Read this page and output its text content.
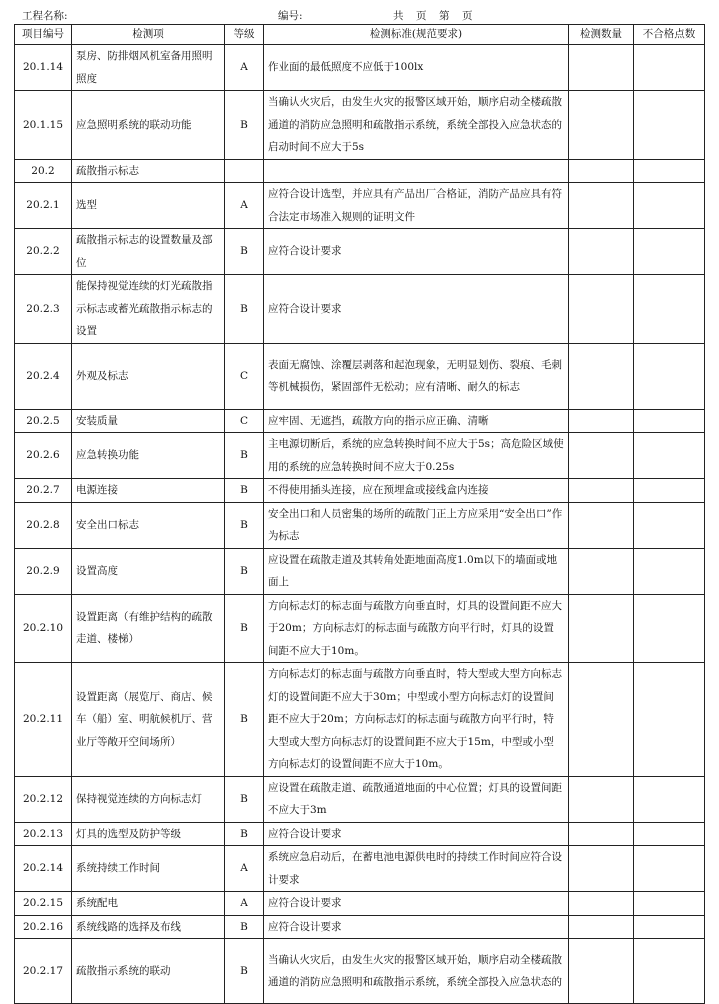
工程名称:	编号:	共　页　第　页
项目编号	检测项	等级	检测标准(规范要求)	检测数量	不合格点数
20.1.14	泵房、防排烟风机室备用照明照度	A	作业面的最低照度不应低于100lx		
20.1.15	应急照明系统的联动功能	B	当确认火灾后，由发生火灾的报警区域开始，顺序启动全楼疏散通道的消防应急照明和疏散指示系统，系统全部投入应急状态的启动时间不应大于5s		
20.2	疏散指示标志				
20.2.1	选型	A	应符合设计选型，并应具有产品出厂合格证，消防产品应具有符合法定市场准入规则的证明文件		
20.2.2	疏散指示标志的设置数量及部位	B	应符合设计要求		
20.2.3	能保持视觉连续的灯光疏散指示标志或蓄光疏散指示标志的设置	B	应符合设计要求		
20.2.4	外观及标志	C	表面无腐蚀、涂覆层剥落和起泡现象，无明显划伤、裂痕、毛刺等机械损伤，紧固部件无松动；应有清晰、耐久的标志		
20.2.5	安装质量	C	应牢固、无遮挡，疏散方向的指示应正确、清晰		
20.2.6	应急转换功能	B	主电源切断后，系统的应急转换时间不应大于5s；高危险区域使用的系统的应急转换时间不应大于0.25s		
20.2.7	电源连接	B	不得使用插头连接，应在预埋盒或接线盒内连接		
20.2.8	安全出口标志	B	安全出口和人员密集的场所的疏散门正上方应采用“安全出口”作为标志		
20.2.9	设置高度	B	应设置在疏散走道及其转角处距地面高度1.0m以下的墙面或地面上		
20.2.10	设置距离（有维护结构的疏散走道、楼梯）	B	方向标志灯的标志面与疏散方向垂直时，灯具的设置间距不应大于20m；方向标志灯的标志面与疏散方向平行时，灯具的设置间距不应大于10m。		
20.2.11	设置距离（展览厅、商店、候车（船）室、明航候机厅、营业厅等敞开空间场所）	B	方向标志灯的标志面与疏散方向垂直时，特大型或大型方向标志灯的设置间距不应大于30m；中型或小型方向标志灯的设置间距不应大于20m；方向标志灯的标志面与疏散方向平行时，特大型或大型方向标志灯的设置间距不应大于15m，中型或小型方向标志灯的设置间距不应大于10m。		
20.2.12	保持视觉连续的方向标志灯	B	应设置在疏散走道、疏散通道地面的中心位置；灯具的设置间距不应大于3m		
20.2.13	灯具的选型及防护等级	B	应符合设计要求		
20.2.14	系统持续工作时间	A	系统应急启动后，在蓄电池电源供电时的持续工作时间应符合设计要求		
20.2.15	系统配电	A	应符合设计要求		
20.2.16	系统线路的选择及布线	B	应符合设计要求		
20.2.17	疏散指示系统的联动	B	当确认火灾后，由发生火灾的报警区域开始，顺序启动全楼疏散通道的消防应急照明和疏散指示系统，系统全部投入应急状态的		
